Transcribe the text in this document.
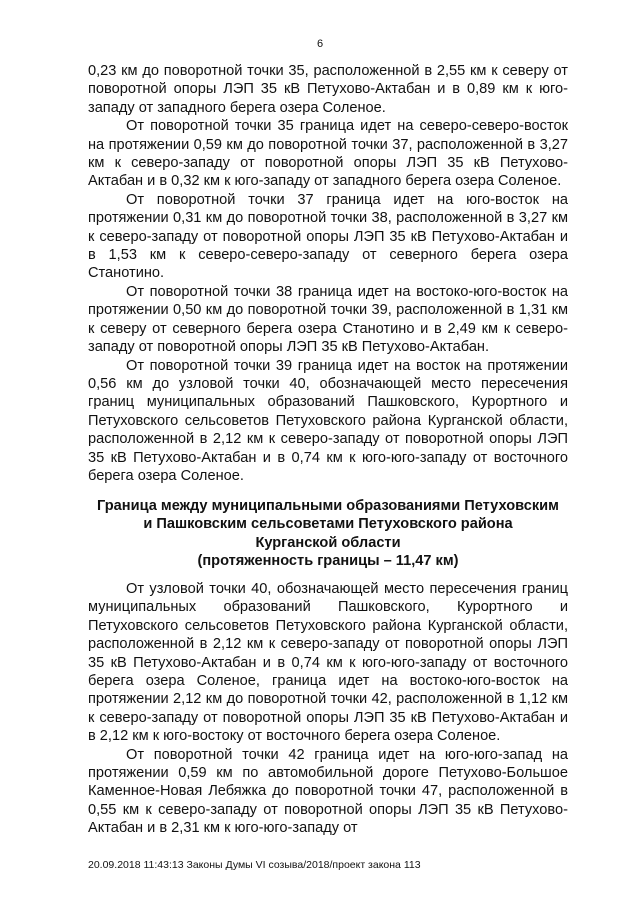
6

0,23 км до поворотной точки 35, расположенной в 2,55 км к северу от поворотной опоры ЛЭП 35 кВ Петухово-Актабан и в 0,89 км к юго-западу от западного берега озера Соленое.

От поворотной точки 35 граница идет на северо-северо-восток на протяжении 0,59 км до поворотной точки 37, расположенной в 3,27 км к северо-западу от поворотной опоры ЛЭП 35 кВ Петухово-Актабан и в 0,32 км к юго-западу от западного берега озера Соленое.

От поворотной точки 37 граница идет на юго-восток на протяжении 0,31 км до поворотной точки 38, расположенной в 3,27 км к северо-западу от поворотной опоры ЛЭП 35 кВ Петухово-Актабан и в 1,53 км к северо-северо-западу от северного берега озера Станотино.

От поворотной точки 38 граница идет на востоко-юго-восток на протяжении 0,50 км до поворотной точки 39, расположенной в 1,31 км к северу от северного берега озера Станотино и в 2,49 км к северо-западу от поворотной опоры ЛЭП 35 кВ Петухово-Актабан.

От поворотной точки 39 граница идет на восток на протяжении 0,56 км до узловой точки 40, обозначающей место пересечения границ муниципальных образований Пашковского, Курортного и Петуховского сельсоветов Петуховского района Курганской области, расположенной в 2,12 км к северо-западу от поворотной опоры ЛЭП 35 кВ Петухово-Актабан и в 0,74 км к юго-юго-западу от восточного берега озера Соленое.

Граница между муниципальными образованиями Петуховским
и Пашковским сельсоветами Петуховского района
Курганской области
(протяженность границы – 11,47 км)

От узловой точки 40, обозначающей место пересечения границ муниципальных образований Пашковского, Курортного и Петуховского сельсоветов Петуховского района Курганской области, расположенной в 2,12 км к северо-западу от поворотной опоры ЛЭП 35 кВ Петухово-Актабан и в 0,74 км к юго-юго-западу от восточного берега озера Соленое, граница идет на востоко-юго-восток на протяжении 2,12 км до поворотной точки 42, расположенной в 1,12 км к северо-западу от поворотной опоры ЛЭП 35 кВ Петухово-Актабан и в 2,12 км к юго-востоку от восточного берега озера Соленое.

От поворотной точки 42 граница идет на юго-юго-запад на протяжении 0,59 км по автомобильной дороге Петухово-Большое Каменное-Новая Лебяжка до поворотной точки 47, расположенной в 0,55 км к северо-западу от поворотной опоры ЛЭП 35 кВ Петухово-Актабан и в 2,31 км к юго-юго-западу от

20.09.2018 11:43:13 Законы Думы VI созыва/2018/проект закона 113
